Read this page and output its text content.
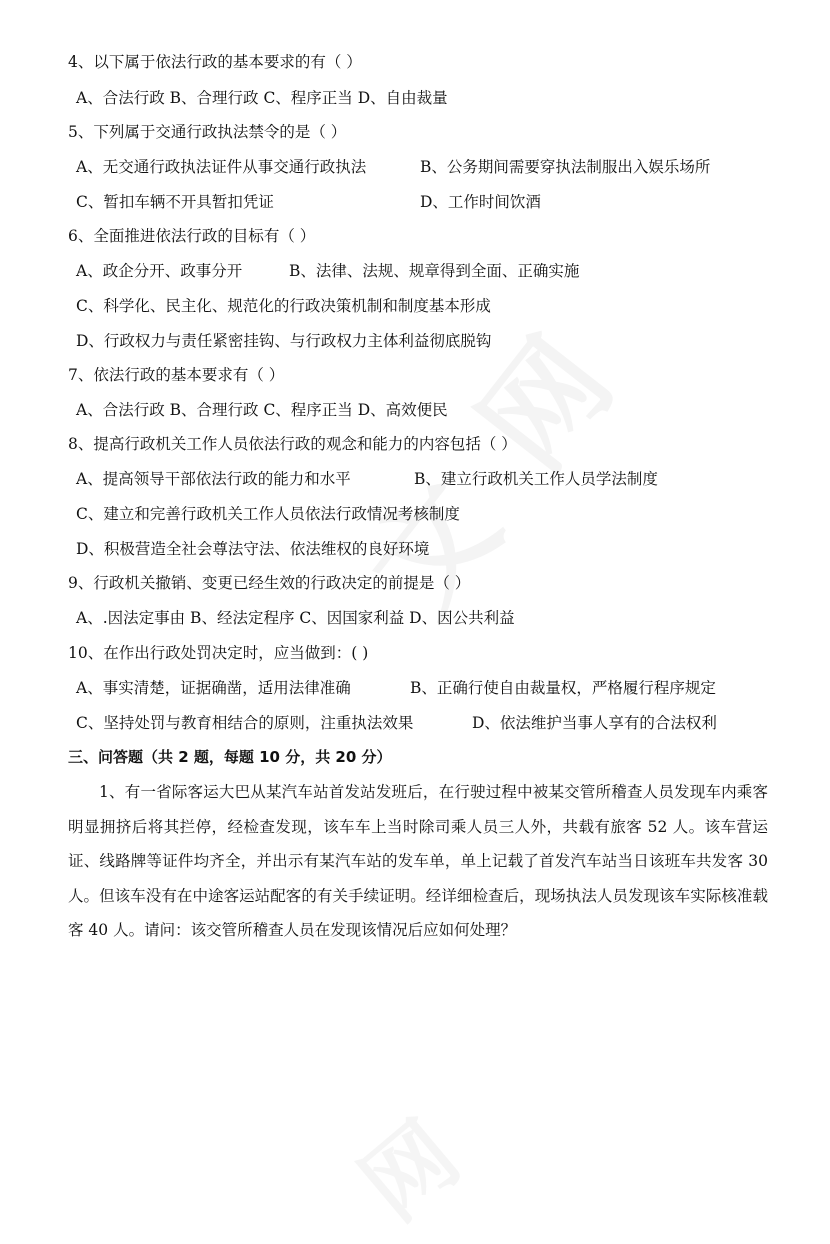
4、以下属于依法行政的基本要求的有（ ）
A、合法行政 B、合理行政 C、程序正当 D、自由裁量
5、下列属于交通行政执法禁令的是（ ）
A、无交通行政执法证件从事交通行政执法	B、公务期间需要穿执法制服出入娱乐场所
C、暂扣车辆不开具暂扣凭证	D、工作时间饮酒
6、全面推进依法行政的目标有（ ）
A、政企分开、政事分开	B、法律、法规、规章得到全面、正确实施
C、科学化、民主化、规范化的行政决策机制和制度基本形成
D、行政权力与责任紧密挂钩、与行政权力主体利益彻底脱钩
7、依法行政的基本要求有（ ）
A、合法行政 B、合理行政 C、程序正当 D、高效便民
8、提高行政机关工作人员依法行政的观念和能力的内容包括（ ）
A、提高领导干部依法行政的能力和水平	B、建立行政机关工作人员学法制度
C、建立和完善行政机关工作人员依法行政情况考核制度
D、积极营造全社会尊法守法、依法维权的良好环境
9、行政机关撤销、变更已经生效的行政决定的前提是（ ）
A、.因法定事由 B、经法定程序 C、因国家利益 D、因公共利益
10、在作出行政处罚决定时，应当做到：( )
A、事实清楚，证据确凿，适用法律准确	B、正确行使自由裁量权，严格履行程序规定
C、坚持处罚与教育相结合的原则，注重执法效果	D、依法维护当事人享有的合法权利
三、问答题（共 2 题，每题 10 分，共 20 分）
1、有一省际客运大巴从某汽车站首发站发班后，在行驶过程中被某交管所稽查人员发现车内乘客明显拥挤后将其拦停，经检查发现，该车车上当时除司乘人员三人外，共载有旅客 52 人。该车营运证、线路牌等证件均齐全，并出示有某汽车站的发车单，单上记载了首发汽车站当日该班车共发客 30 人。但该车没有在中途客运站配客的有关手续证明。经详细检查后，现场执法人员发现该车实际核准载客 40 人。请问：该交管所稽查人员在发现该情况后应如何处理？
